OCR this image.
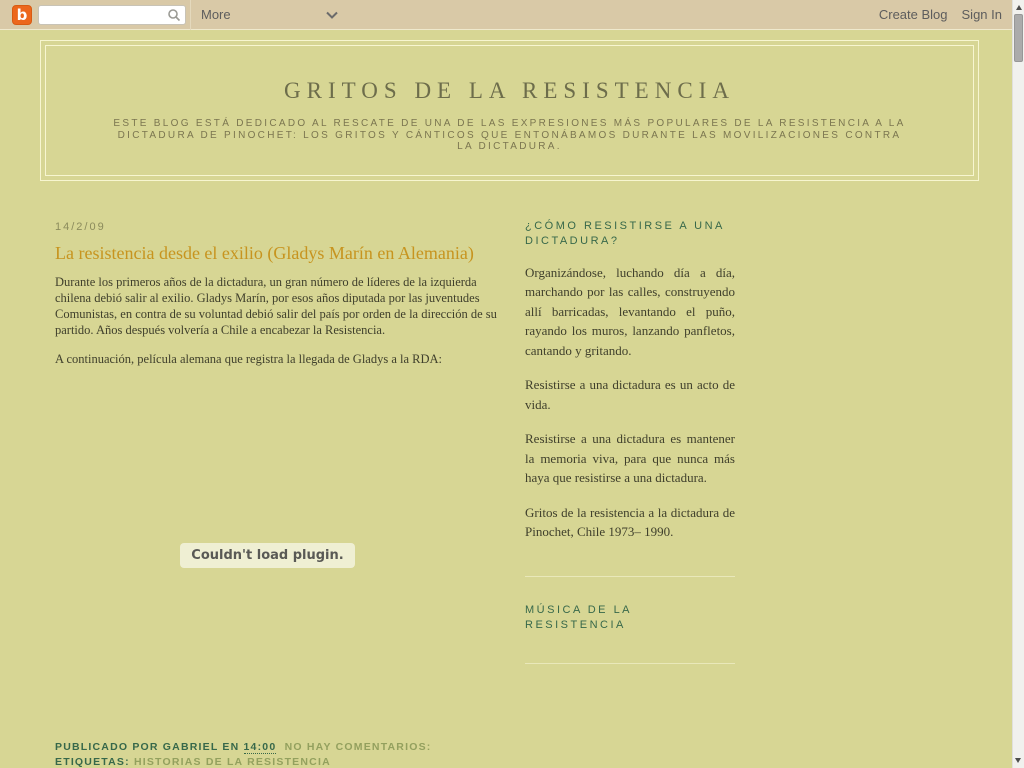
b	More	Create Blog Sign In
GRITOS DE LA RESISTENCIA
ESTE BLOG ESTÁ DEDICADO AL RESCATE DE UNA DE LAS EXPRESIONES MÁS POPULARES DE LA RESISTENCIA A LA DICTADURA DE PINOCHET: LOS GRITOS Y CÁNTICOS QUE ENTONÁBAMOS DURANTE LAS MOVILIZACIONES CONTRA LA DICTADURA.
14/2/09
La resistencia desde el exilio (Gladys Marín en Alemania)

Durante los primeros años de la dictadura, un gran número de líderes de la izquierda chilena debió salir al exilio. Gladys Marín, por esos años diputada por las juventudes Comunistas, en contra de su voluntad debió salir del país por orden de la dirección de su partido. Años después volvería a Chile a encabezar la Resistencia.

A continuación, película alemana que registra la llegada de Gladys a la RDA:

Couldn't load plugin.
PUBLICADO POR GABRIEL EN 14:00 NO HAY COMENTARIOS:
ETIQUETAS: HISTORIAS DE LA RESISTENCIA
¿CÓMO RESISTIRSE A UNA DICTADURA?

Organizándose, luchando día a día, marchando por las calles, construyendo allí barricadas, levantando el puño, rayando los muros, lanzando panfletos, cantando y gritando.

Resistirse a una dictadura es un acto de vida.

Resistirse a una dictadura es mantener la memoria viva, para que nunca más haya que resistirse a una dictadura.

Gritos de la resistencia a la dictadura de Pinochet, Chile 1973– 1990.

MÚSICA DE LA RESISTENCIA
